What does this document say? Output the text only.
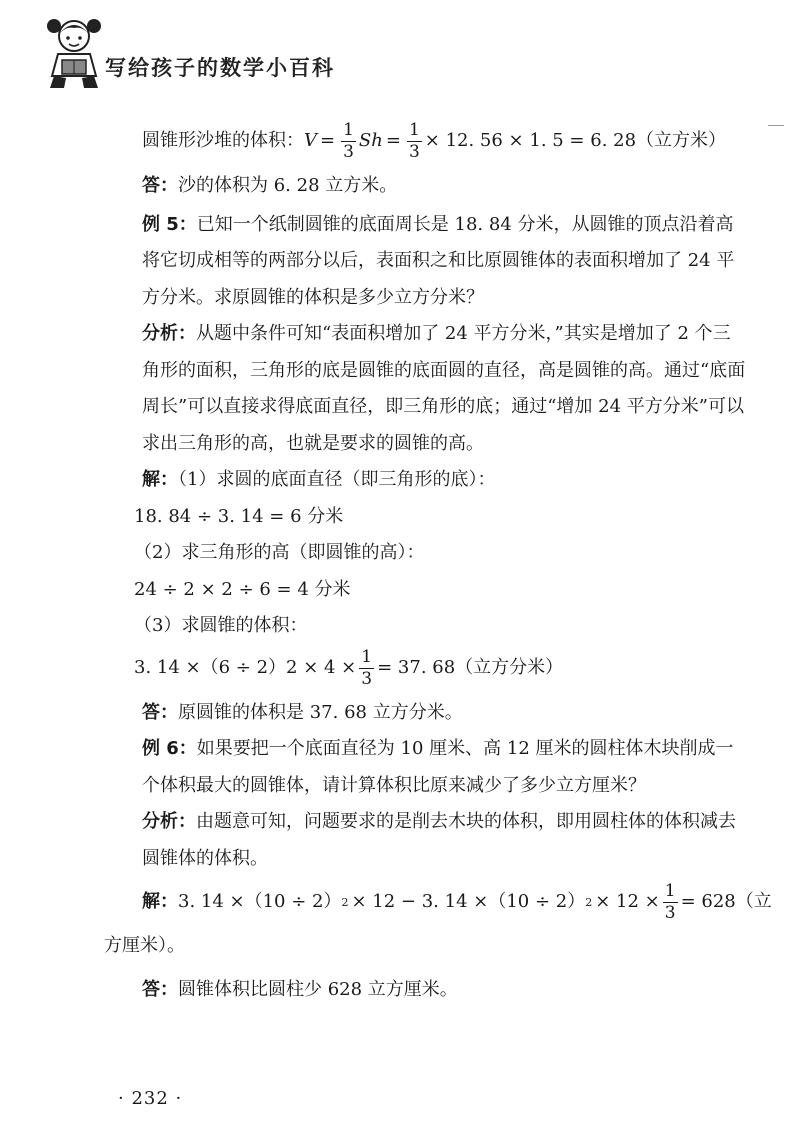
写给孩子的数学小百科
圆锥形沙堆的体积： $V = \frac{1}{3}$ $Sh = \frac{1}{3} \times 12$. 56 × 1. 5 = 6. 28（立方米）

答：沙的体积为 6. 28 立方米。

例 5：已知一个纸制圆锥的底面周长是 18. 84 分米，从圆锥的顶点沿着高将它切成相等的两部分以后，表面积之和比原圆锥体的表面积增加了 24 平方分米。求原圆锥的体积是多少立方分米？

分析：从题中条件可知“表面积增加了 24 平方分米，”其实是增加了 2 个三角形的面积，三角形的底是圆锥的底面圆的直径，高是圆锥的高。通过“底面周长”可以直接求得底面直径，即三角形的底；通过“增加 24 平方分米”可以求出三角形的高，也就是要求的圆锥的高。

解：（1）求圆的底面直径（即三角形的底）：

18. 84 ÷ 3. 14 = 6 分米

（2）求三角形的高（即圆锥的高）：

24 ÷ 2 × 2 ÷ 6 = 4 分米

（3）求圆锥的体积：

3. $14 \times(6 \div 2)2 \times 4 \times \frac{1}{3} = 37$. 68（立方分米）

答：原圆锥的体积是 37. 68 立方分米。

例 6：如果要把一个底面直径为 10 厘米、高 12 厘米的圆柱体木块削成一个体积最大的圆锥体，请计算体积比原来减少了多少立方厘米？

分析：由题意可知，问题要求的是削去木块的体积，即用圆柱体的体积减去圆锥体的体积。

解： 3. 14 ×（10 ÷ 2） 2 × 12 − 3. 14 ×（10 ÷ 2） $2 \times 12 \times \frac{1}{3} = 628$（立

方厘米）。

答：圆锥体积比圆柱少 628 立方厘米。

· 232 ·
